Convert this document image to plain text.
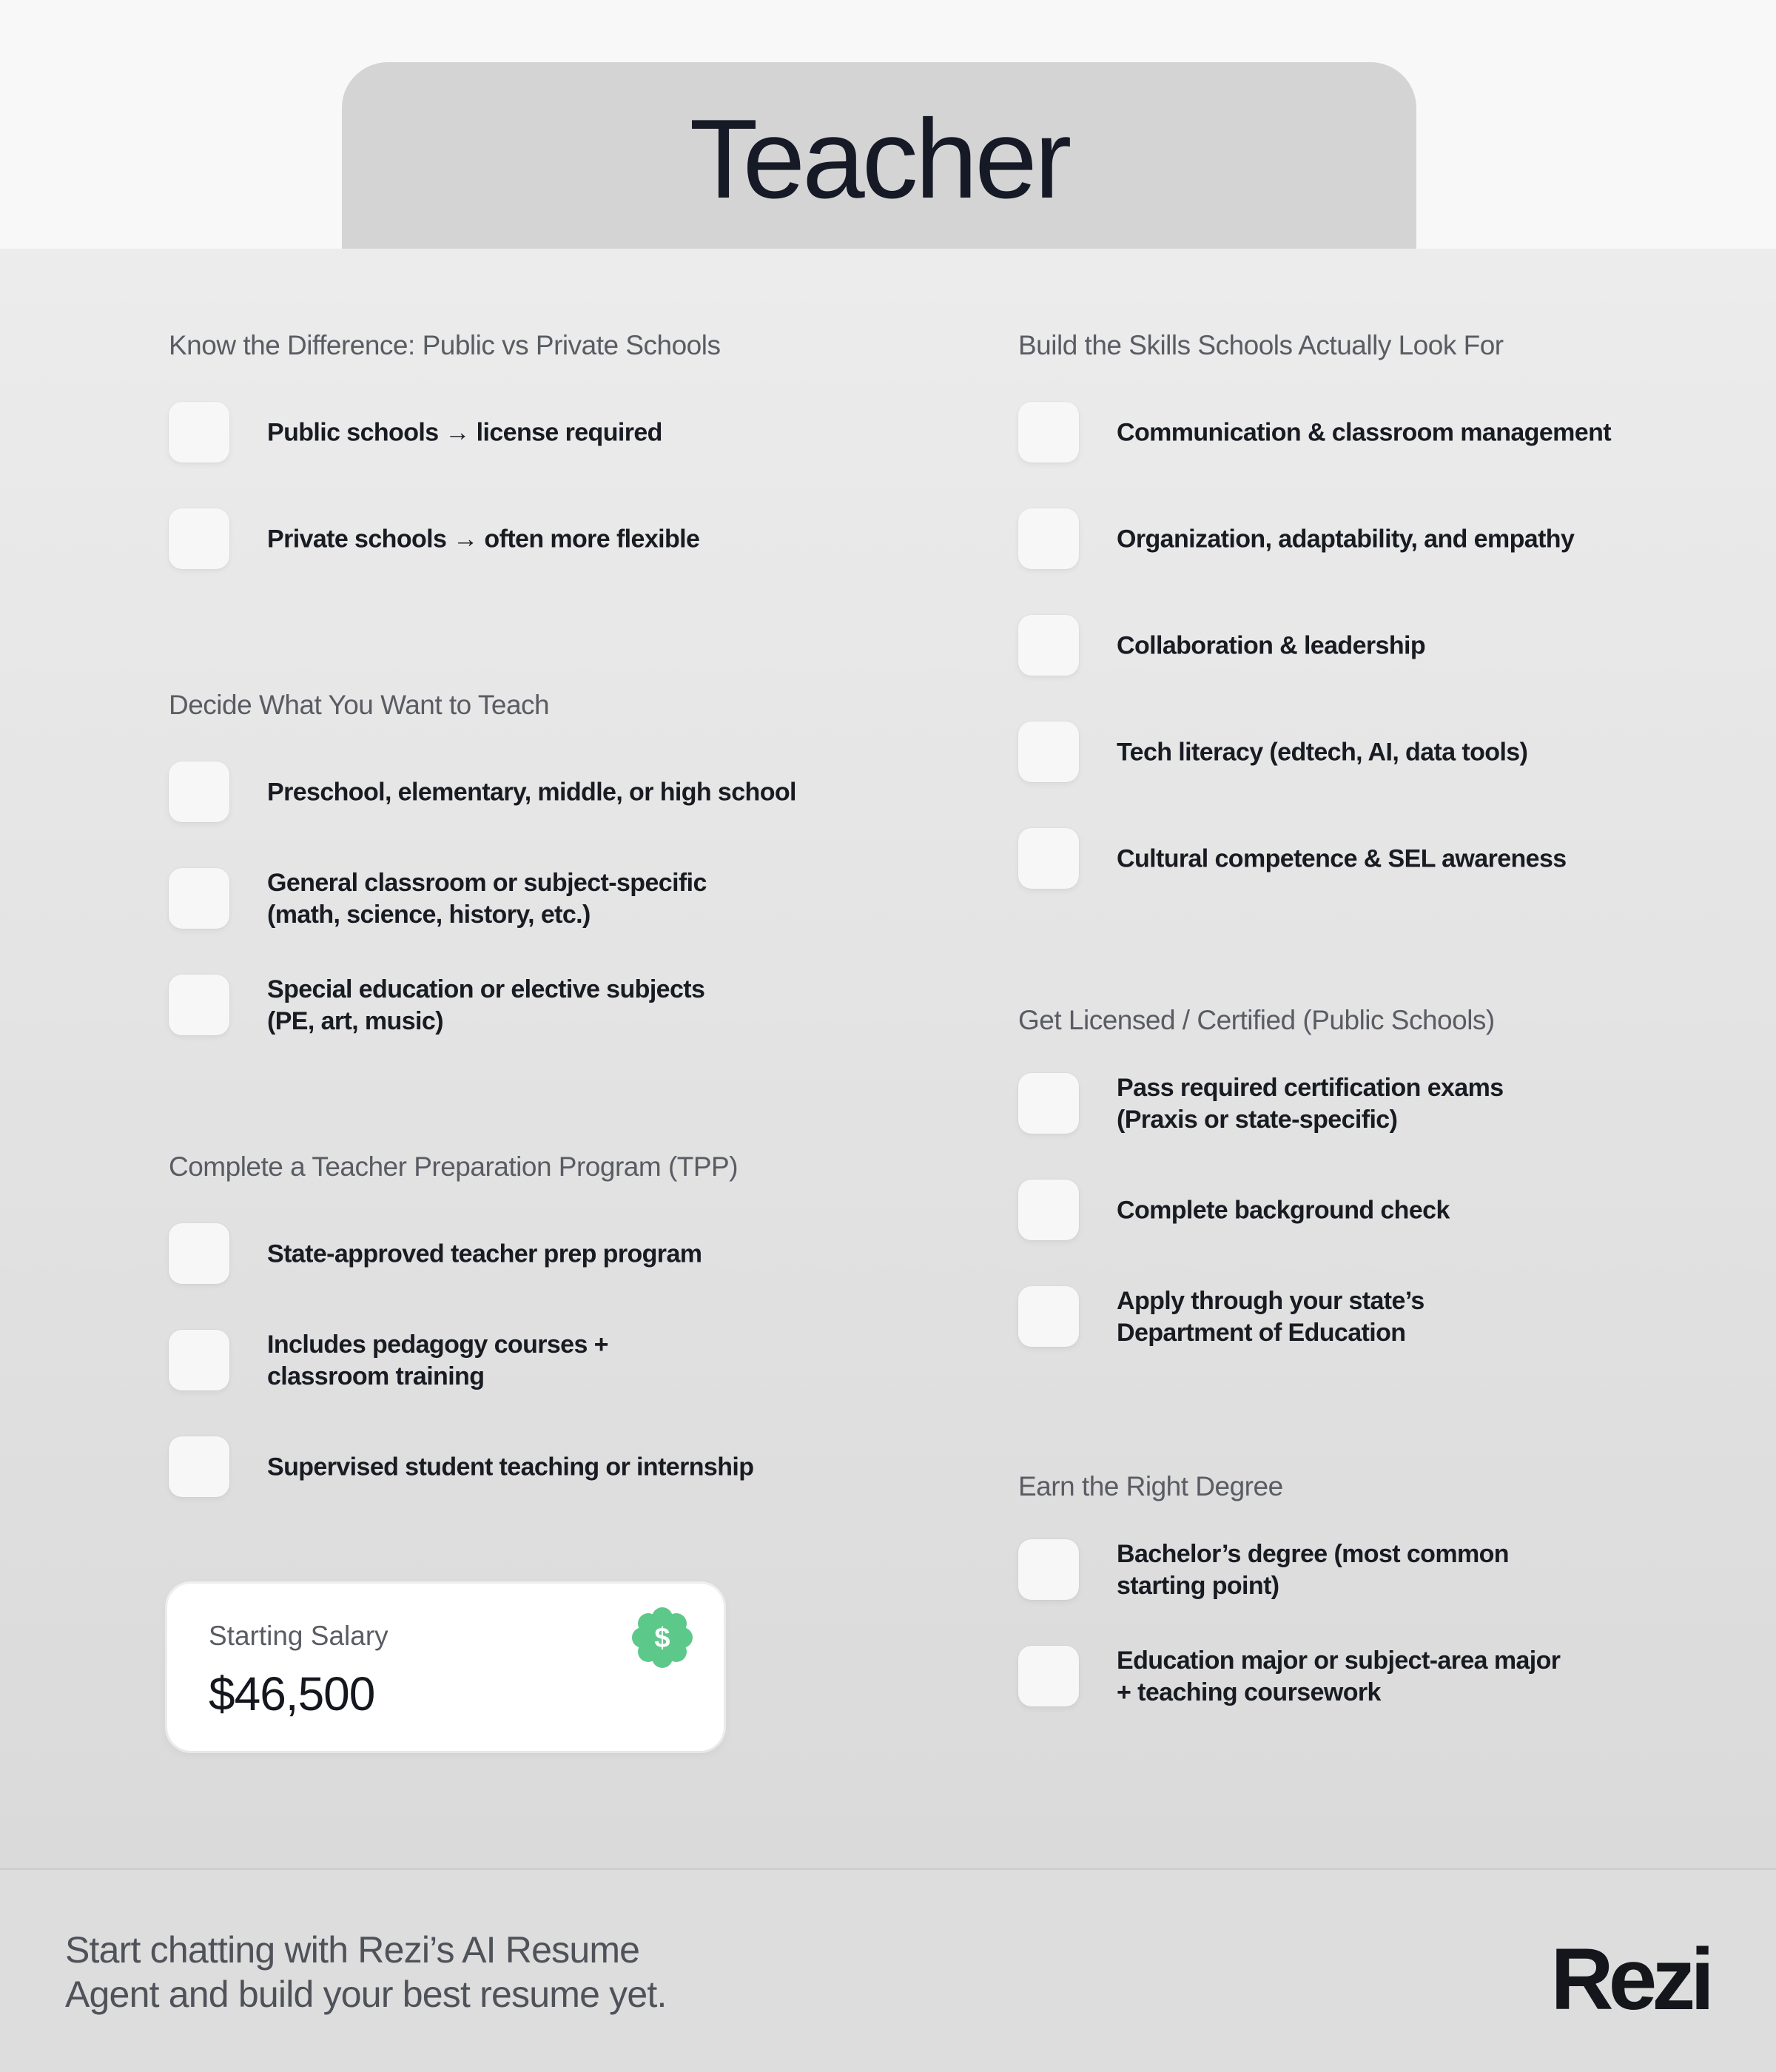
Teacher
Know the Difference: Public vs Private Schools
Public schools → license required
Private schools → often more flexible
Decide What You Want to Teach
Preschool, elementary, middle, or high school
General classroom or subject-specific
(math, science, history, etc.)
Special education or elective subjects
(PE, art, music)
Complete a Teacher Preparation Program (TPP)
State-approved teacher prep program
Includes pedagogy courses +
classroom training
Supervised student teaching or internship
Build the Skills Schools Actually Look For
Communication & classroom management
Organization, adaptability, and empathy
Collaboration & leadership
Tech literacy (edtech, AI, data tools)
Cultural competence & SEL awareness
Get Licensed / Certified (Public Schools)
Pass required certification exams
(Praxis or state-specific)
Complete background check
Apply through your state’s
Department of Education
Earn the Right Degree
Bachelor’s degree (most common
starting point)
Education major or subject-area major
+ teaching coursework
Starting Salary
$46,500
$
Start chatting with Rezi’s AI Resume
Agent and build your best resume yet.	Rezi
